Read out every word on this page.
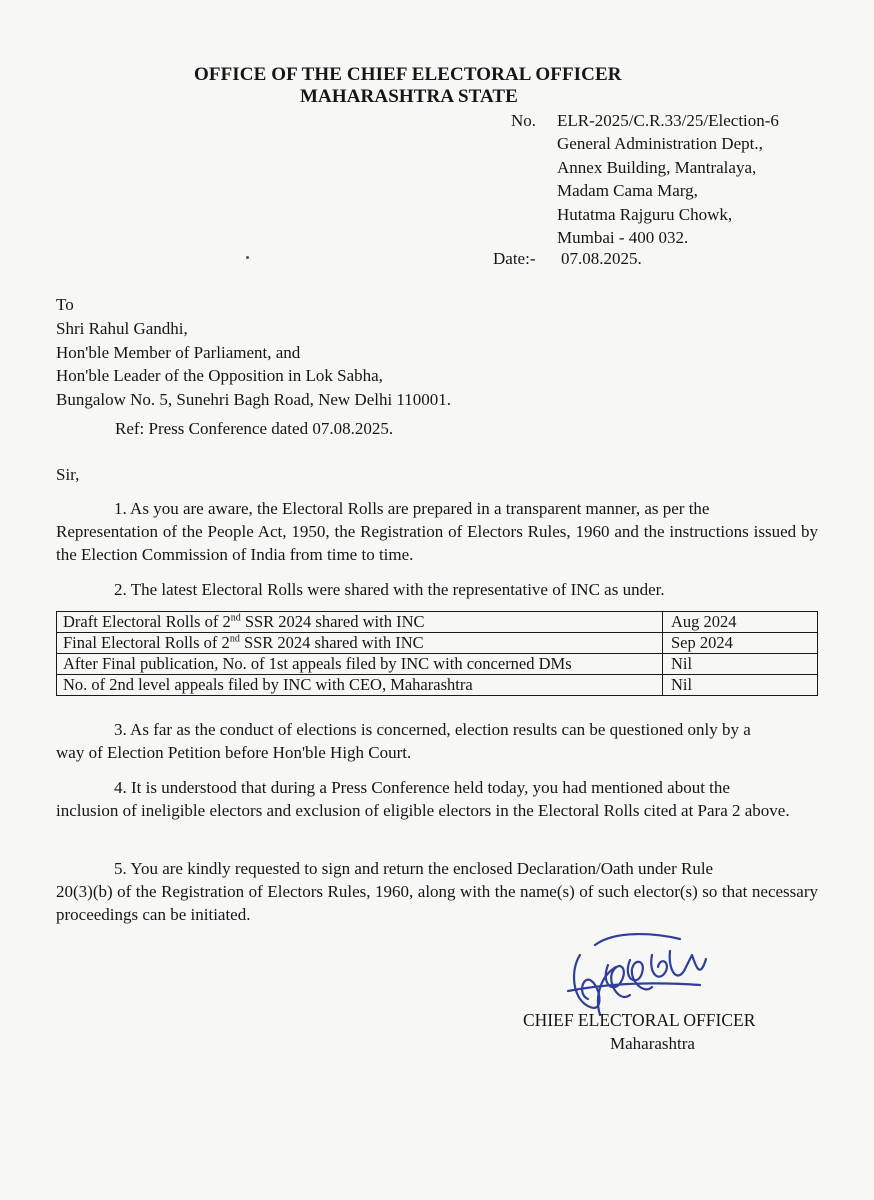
OFFICE OF THE CHIEF ELECTORAL OFFICER
MAHARASHTRA STATE
No. ELR-2025/C.R.33/25/Election-6
General Administration Dept.,
Annex Building, Mantralaya,
Madam Cama Marg,
Hutatma Rajguru Chowk,
Mumbai - 400 032.
Date:- 07.08.2025.
To
Shri Rahul Gandhi,
Hon'ble Member of Parliament, and
Hon'ble Leader of the Opposition in Lok Sabha,
Bungalow No. 5, Sunehri Bagh Road, New Delhi 110001.
Ref: Press Conference dated 07.08.2025.
Sir,
1. As you are aware, the Electoral Rolls are prepared in a transparent manner, as per the
Representation of the People Act, 1950, the Registration of Electors Rules, 1960 and the instructions issued by the Election Commission of India from time to time.
2. The latest Electoral Rolls were shared with the representative of INC as under.
Draft Electoral Rolls of 2nd SSR 2024 shared with INC	Aug 2024
Final Electoral Rolls of 2nd SSR 2024 shared with INC	Sep 2024
After Final publication, No. of 1st appeals filed by INC with concerned DMs	Nil
No. of 2nd level appeals filed by INC with CEO, Maharashtra	Nil
3. As far as the conduct of elections is concerned, election results can be questioned only by a
way of Election Petition before Hon'ble High Court.
4. It is understood that during a Press Conference held today, you had mentioned about the
inclusion of ineligible electors and exclusion of eligible electors in the Electoral Rolls cited at Para 2 above.
5. You are kindly requested to sign and return the enclosed Declaration/Oath under Rule
20(3)(b) of the Registration of Electors Rules, 1960, along with the name(s) of such elector(s) so that necessary proceedings can be initiated.
CHIEF ELECTORAL OFFICER
Maharashtra
